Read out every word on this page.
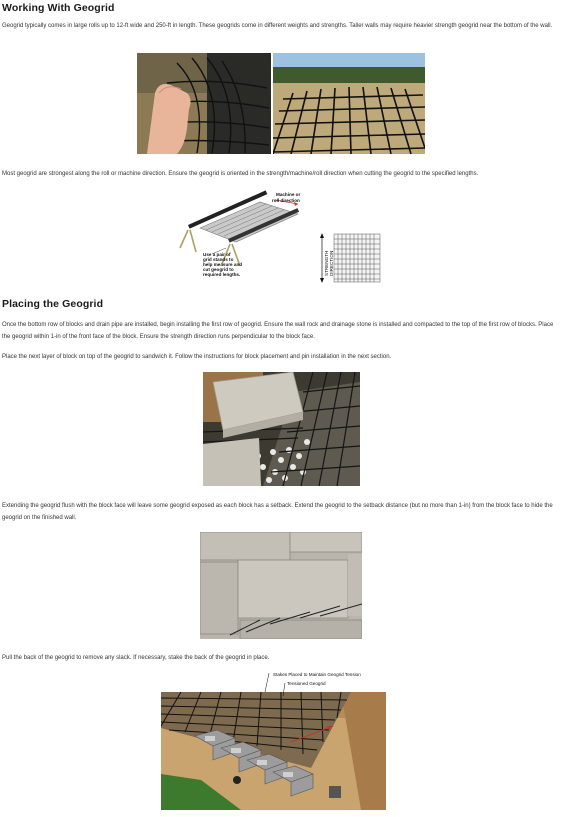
Working With Geogrid
Geogrid typically comes in large rolls up to 12-ft wide and 250-ft in length. These geogrids come in different weights and strengths. Taller walls may require heavier strength geogrid near the bottom of the wall.
Most geogrid are strongest along the roll or machine direction. Ensure the geogrid is oriented in the strength/machine/roll direction when cutting the geogrid to the specified lengths.
Machine or
roll direction
Use a pair of
grid stands to
help measure and
cut geogrid to
required lengths.	STRENGTH DIRECTION
Placing the Geogrid
Once the bottom row of blocks and drain pipe are installed, begin installing the first row of geogrid. Ensure the wall rock and drainage stone is installed and compacted to the top of the first row of blocks. Place the geogrid within 1-in of the front face of the block. Ensure the strength direction runs perpendicular to the block face.
Place the next layer of block on top of the geogrid to sandwich it. Follow the instructions for block placement and pin installation in the next section.
Extending the geogrid flush with the block face will leave some geogrid exposed as each block has a setback. Extend the geogrid to the setback distance (but no more than 1-in) from the block face to hide the geogrid on the finished wall.
Pull the back of the geogrid to remove any slack. If necessary, stake the back of the geogrid in place.
Stakes Placed to Maintain Geogrid Tension
Tensioned Geogrid
